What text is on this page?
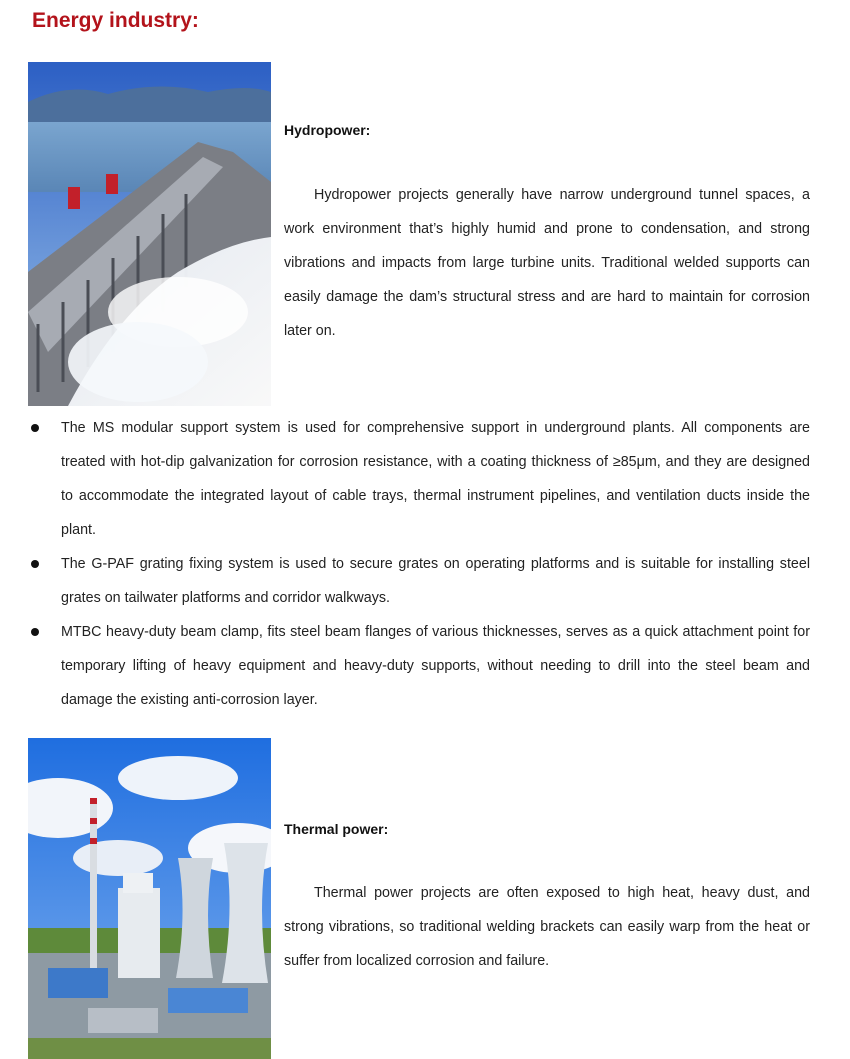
Energy industry:
Hydropower:

Hydropower projects generally have narrow underground tunnel spaces, a work environment that’s highly humid and prone to condensation, and strong vibrations and impacts from large turbine units. Traditional welded supports can easily damage the dam’s structural stress and are hard to maintain for corrosion later on.

The MS modular support system is used for comprehensive support in underground plants. All components are treated with hot-dip galvanization for corrosion resistance, with a coating thickness of ≥85μm, and they are designed to accommodate the integrated layout of cable trays, thermal instrument pipelines, and ventilation ducts inside the plant.
The G-PAF grating fixing system is used to secure grates on operating platforms and is suitable for installing steel grates on tailwater platforms and corridor walkways.
MTBC heavy-duty beam clamp, fits steel beam flanges of various thicknesses, serves as a quick attachment point for temporary lifting of heavy equipment and heavy-duty supports, without needing to drill into the steel beam and damage the existing anti-corrosion layer.
Thermal power:

Thermal power projects are often exposed to high heat, heavy dust, and strong vibrations, so traditional welding brackets can easily warp from the heat or suffer from localized corrosion and failure.
